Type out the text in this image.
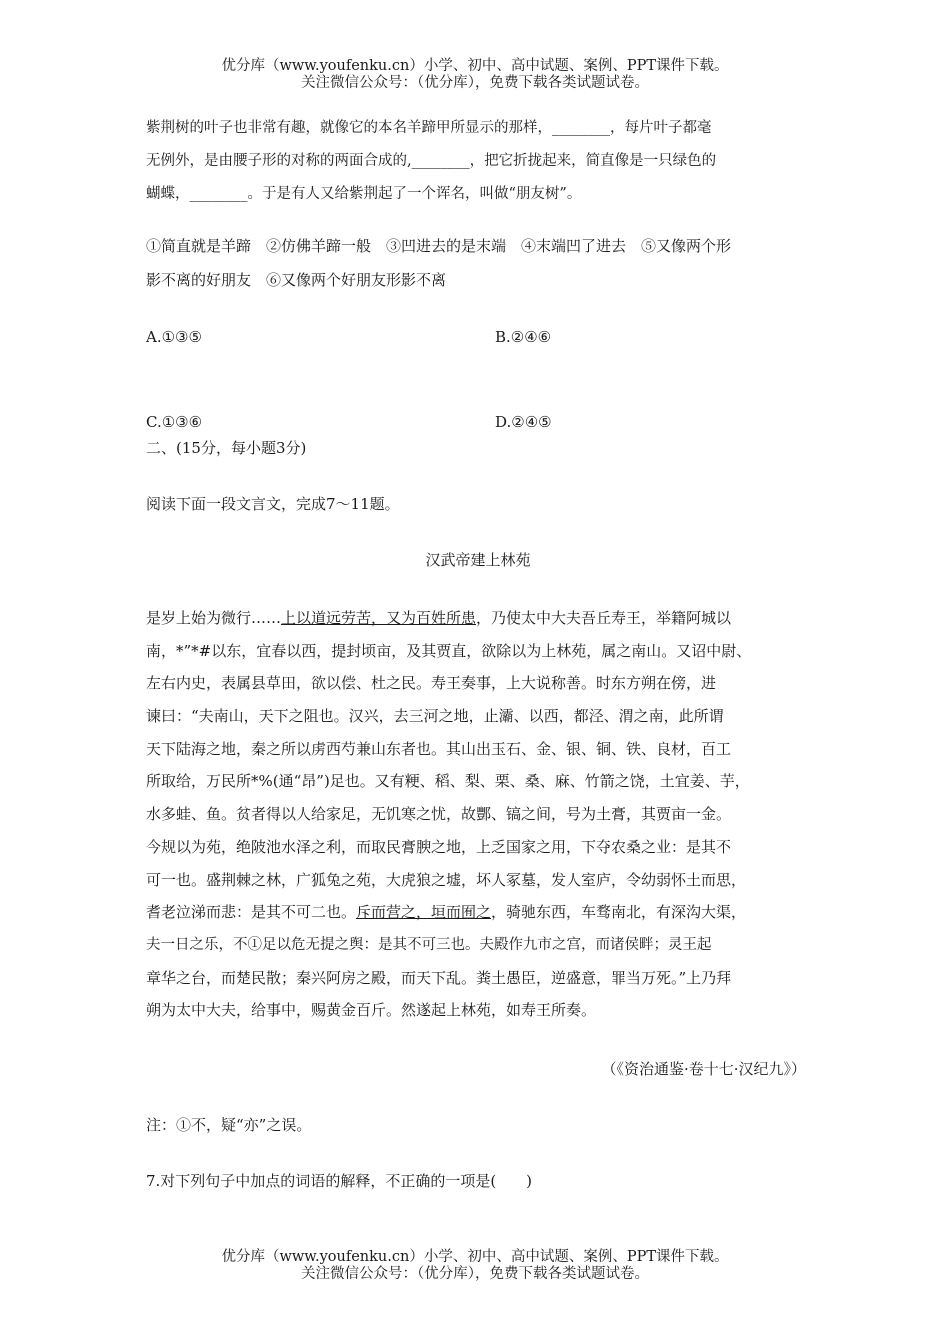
优分库（www.youfenku.cn）小学、初中、高中试题、案例、PPT课件下载。
关注微信公众号：（优分库），免费下载各类试题试卷。
紫荆树的叶子也非常有趣，就像它的本名羊蹄甲所显示的那样，________，每片叶子都毫
无例外，是由腰子形的对称的两面合成的,________，把它折拢起来，简直像是一只绿色的
蝴蝶，________。于是有人又给紫荆起了一个诨名，叫做“朋友树”。
①简直就是羊蹄　②仿佛羊蹄一般　③凹进去的是末端　④末端凹了进去　⑤又像两个形
影不离的好朋友　⑥又像两个好朋友形影不离
A.①③⑤	B.②④⑥
C.①③⑥	D.②④⑤
二、(15分，每小题3分)
阅读下面一段文言文，完成7～11题。
汉武帝建上林苑
是岁上始为微行……上以道远劳苦，又为百姓所患，乃使太中大夫吾丘寿王，举籍阿城以
南，*”*#以东，宜春以西，提封顷亩，及其贾直，欲除以为上林苑，属之南山。又诏中尉、
左右内史，表属县草田，欲以偿、杜之民。寿王奏事，上大说称善。时东方朔在傍，进
谏曰：“夫南山，天下之阻也。汉兴，去三河之地，止灞、以西，都泾、渭之南，此所谓
天下陆海之地，秦之所以虏西芍兼山东者也。其山出玉石、金、银、铜、铁、良材，百工
所取给，万民所*%(通“昂”)足也。又有粳、稻、梨、栗、桑、麻、竹箭之饶，土宜姜、芋，
水多蛙、鱼。贫者得以人给家足，无饥寒之忧，故酆、镐之间，号为土膏，其贾亩一金。
今规以为苑，绝陂池水泽之利，而取民膏腴之地，上乏国家之用，下夺农桑之业：是其不
可一也。盛荆棘之林，广狐兔之苑，大虎狼之墟，坏人冢墓，发人室庐，令幼弱怀土而思，
耆老泣涕而悲：是其不可二也。斥而营之，垣而囿之，骑驰东西，车骛南北，有深沟大渠，
夫一日之乐，不①足以危无提之舆：是其不可三也。夫殿作九市之宫，而诸侯畔；灵王起
章华之台，而楚民散；秦兴阿房之殿，而天下乱。粪土愚臣，逆盛意，罪当万死。”上乃拜
朔为太中大夫，给事中，赐黄金百斤。然遂起上林苑，如寿王所奏。
（《资治通鉴·卷十七·汉纪九》）
注：①不，疑“亦”之误。
7.对下列句子中加点的词语的解释，不正确的一项是(　　)
优分库（www.youfenku.cn）小学、初中、高中试题、案例、PPT课件下载。
关注微信公众号：（优分库），免费下载各类试题试卷。
